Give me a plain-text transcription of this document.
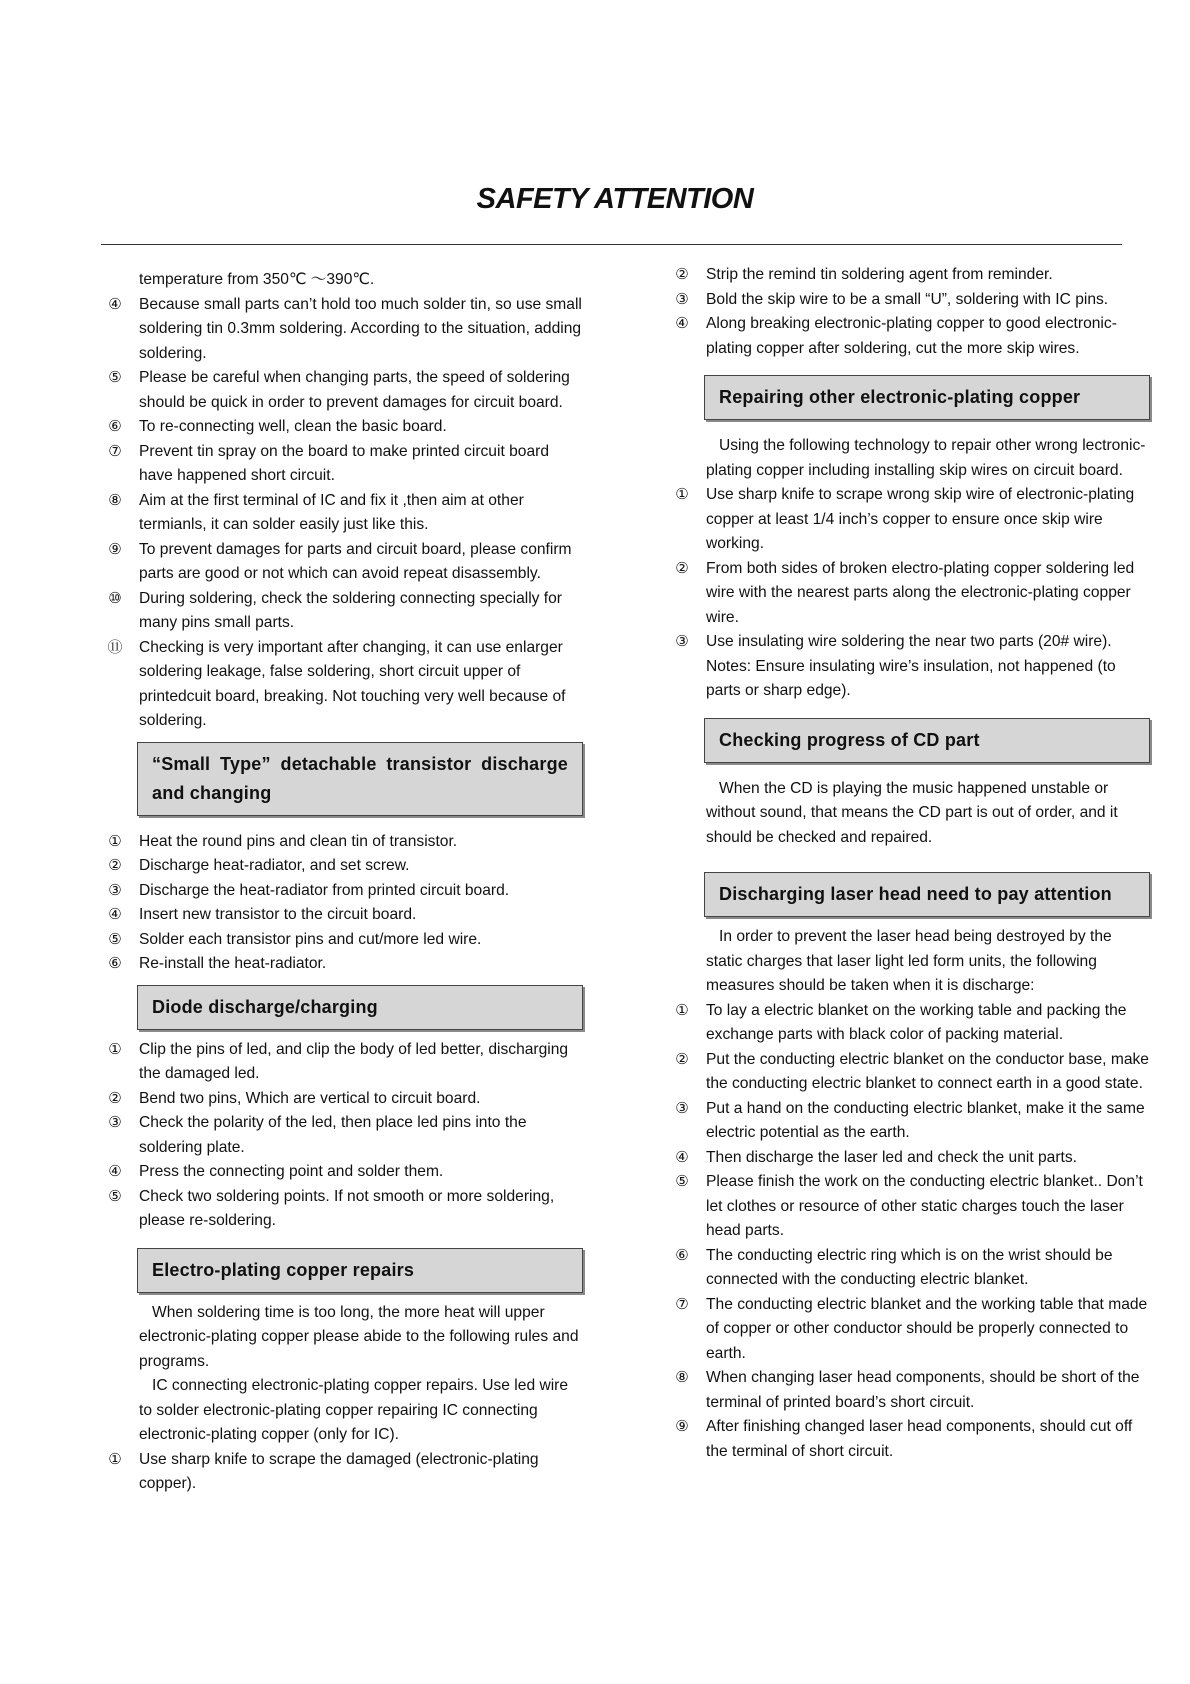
SAFETY ATTENTION
temperature from 350℃ ～390℃.
④	Because small parts can’t hold too much solder tin, so use small soldering tin 0.3mm soldering. According to the situation, adding soldering.
⑤	Please be careful when changing parts, the speed of soldering should be quick in order to prevent damages for circuit board.
⑥	To re-connecting well, clean the basic board.
⑦	Prevent tin spray on the board to make printed circuit board have happened short circuit.
⑧	Aim at the first terminal of IC and fix it ,then aim at other termianls, it can solder easily just like this.
⑨	To prevent damages for parts and circuit board, please confirm parts are good or not which can avoid repeat disassembly.
⑩	During soldering, check the soldering connecting specially for many pins small parts.
⑪ Checking is very important after changing, it can use enlarger soldering leakage, false soldering, short circuit upper of printedcuit board, breaking. Not touching very well because of soldering.
“Small Type” detachable transistor discharge and changing
①	Heat the round pins and clean tin of transistor.
②	Discharge heat-radiator, and set screw.
③	Discharge the heat-radiator from printed circuit board.
④	Insert new transistor to the circuit board.
⑤	Solder each transistor pins and cut/more led wire.
⑥	Re-install the heat-radiator.
Diode discharge/charging
①	Clip the pins of led, and clip the body of led better, discharging the damaged led.
②	Bend two pins, Which are vertical to circuit board.
③	Check the polarity of the led, then place led pins into the soldering plate.
④	Press the connecting point and solder them.
⑤	Check two soldering points. If not smooth or more soldering, please re-soldering.
Electro-plating copper repairs
When soldering time is too long, the more heat will upper electronic-plating copper please abide to the following rules and programs.
IC connecting electronic-plating copper repairs. Use led wire to solder electronic-plating copper repairing IC connecting electronic-plating copper (only for IC).
①	Use sharp knife to scrape the damaged (electronic-plating copper).
②	Strip the remind tin soldering agent from reminder.
③	Bold the skip wire to be a small “U”, soldering with IC pins.
④	Along breaking electronic-plating copper to good electronic-plating copper after soldering, cut the more skip wires.
Repairing other electronic-plating copper
Using the following technology to repair other wrong lectronic-plating copper including installing skip wires on circuit board.
①	Use sharp knife to scrape wrong skip wire of electronic-plating copper at least 1/4 inch’s copper to ensure once skip wire working.
②	From both sides of broken electro-plating copper soldering led wire with the nearest parts along the electronic-plating copper wire.
③	Use insulating wire soldering the near two parts (20# wire). Notes: Ensure insulating wire’s insulation, not happened (to parts or sharp edge).
Checking progress of CD part
When the CD is playing the music happened unstable or without sound, that means the CD part is out of order, and it should be checked and repaired.
Discharging laser head need to pay attention
In order to prevent the laser head being destroyed by the static charges that laser light led form units, the following measures should be taken when it is discharge:
①	To lay a electric blanket on the working table and packing the exchange parts with black color of packing material.
②	Put the conducting electric blanket on the conductor base, make the conducting electric blanket to connect earth in a good state.
③	Put a hand on the conducting electric blanket, make it the same electric potential as the earth.
④	Then discharge the laser led and check the unit parts.
⑤	Please finish the work on the conducting electric blanket.. Don’t let clothes or resource of other static charges touch the laser head parts.
⑥	The conducting electric ring which is on the wrist should be connected with the conducting electric blanket.
⑦	The conducting electric blanket and the working table that made of copper or other conductor should be properly connected to earth.
⑧	When changing laser head components, should be short of the terminal of printed board’s short circuit.
⑨	After finishing changed laser head components, should cut off the terminal of short circuit.
